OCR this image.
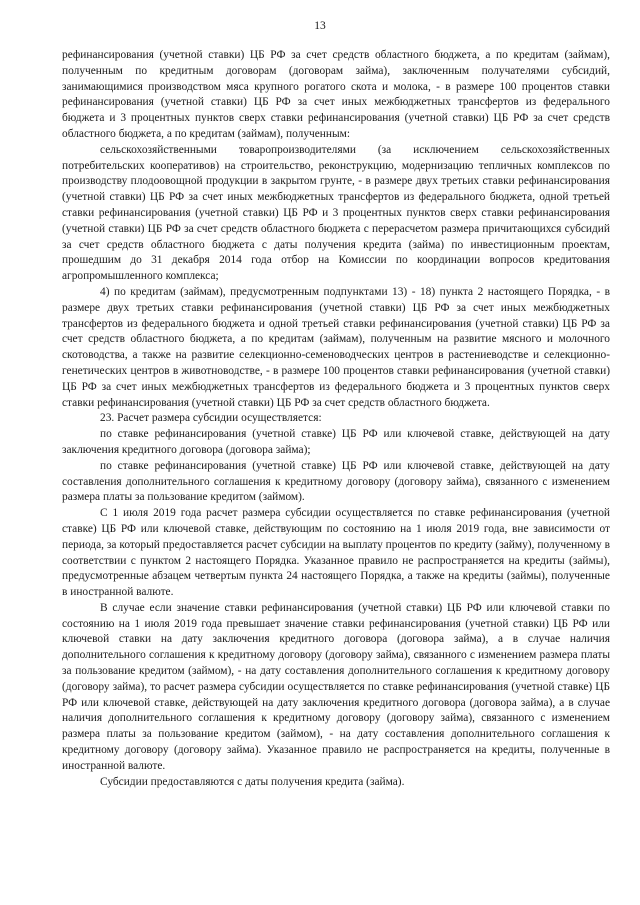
13

рефинансирования (учетной ставки) ЦБ РФ за счет средств областного бюджета, а по кредитам (займам), полученным по кредитным договорам (договорам займа), заключенным получателями субсидий, занимающимися производством мяса крупного рогатого скота и молока, - в размере 100 процентов ставки рефинансирования (учетной ставки) ЦБ РФ за счет иных межбюджетных трансфертов из федерального бюджета и 3 процентных пунктов сверх ставки рефинансирования (учетной ставки) ЦБ РФ за счет средств областного бюджета, а по кредитам (займам), полученным:

сельскохозяйственными товаропроизводителями (за исключением сельскохозяйственных потребительских кооперативов) на строительство, реконструкцию, модернизацию тепличных комплексов по производству плодоовощной продукции в закрытом грунте, - в размере двух третьих ставки рефинансирования (учетной ставки) ЦБ РФ за счет иных межбюджетных трансфертов из федерального бюджета, одной третьей ставки рефинансирования (учетной ставки) ЦБ РФ и 3 процентных пунктов сверх ставки рефинансирования (учетной ставки) ЦБ РФ за счет средств областного бюджета с перерасчетом размера причитающихся субсидий за счет средств областного бюджета с даты получения кредита (займа) по инвестиционным проектам, прошедшим до 31 декабря 2014 года отбор на Комиссии по координации вопросов кредитования агропромышленного комплекса;

4) по кредитам (займам), предусмотренным подпунктами 13) - 18) пункта 2 настоящего Порядка, - в размере двух третьих ставки рефинансирования (учетной ставки) ЦБ РФ за счет иных межбюджетных трансфертов из федерального бюджета и одной третьей ставки рефинансирования (учетной ставки) ЦБ РФ за счет средств областного бюджета, а по кредитам (займам), полученным на развитие мясного и молочного скотоводства, а также на развитие селекционно-семеноводческих центров в растениеводстве и селекционно-генетических центров в животноводстве, - в размере 100 процентов ставки рефинансирования (учетной ставки) ЦБ РФ за счет иных межбюджетных трансфертов из федерального бюджета и 3 процентных пунктов сверх ставки рефинансирования (учетной ставки) ЦБ РФ за счет средств областного бюджета.

23. Расчет размера субсидии осуществляется:

по ставке рефинансирования (учетной ставке) ЦБ РФ или ключевой ставке, действующей на дату заключения кредитного договора (договора займа);

по ставке рефинансирования (учетной ставке) ЦБ РФ или ключевой ставке, действующей на дату составления дополнительного соглашения к кредитному договору (договору займа), связанного с изменением размера платы за пользование кредитом (займом).

С 1 июля 2019 года расчет размера субсидии осуществляется по ставке рефинансирования (учетной ставке) ЦБ РФ или ключевой ставке, действующим по состоянию на 1 июля 2019 года, вне зависимости от периода, за который предоставляется расчет субсидии на выплату процентов по кредиту (займу), полученному в соответствии с пунктом 2 настоящего Порядка. Указанное правило не распространяется на кредиты (займы), предусмотренные абзацем четвертым пункта 24 настоящего Порядка, а также на кредиты (займы), полученные в иностранной валюте.

В случае если значение ставки рефинансирования (учетной ставки) ЦБ РФ или ключевой ставки по состоянию на 1 июля 2019 года превышает значение ставки рефинансирования (учетной ставки) ЦБ РФ или ключевой ставки на дату заключения кредитного договора (договора займа), а в случае наличия дополнительного соглашения к кредитному договору (договору займа), связанного с изменением размера платы за пользование кредитом (займом), - на дату составления дополнительного соглашения к кредитному договору (договору займа), то расчет размера субсидии осуществляется по ставке рефинансирования (учетной ставке) ЦБ РФ или ключевой ставке, действующей на дату заключения кредитного договора (договора займа), а в случае наличия дополнительного соглашения к кредитному договору (договору займа), связанного с изменением размера платы за пользование кредитом (займом), - на дату составления дополнительного соглашения к кредитному договору (договору займа). Указанное правило не распространяется на кредиты, полученные в иностранной валюте.

Субсидии предоставляются с даты получения кредита (займа).
